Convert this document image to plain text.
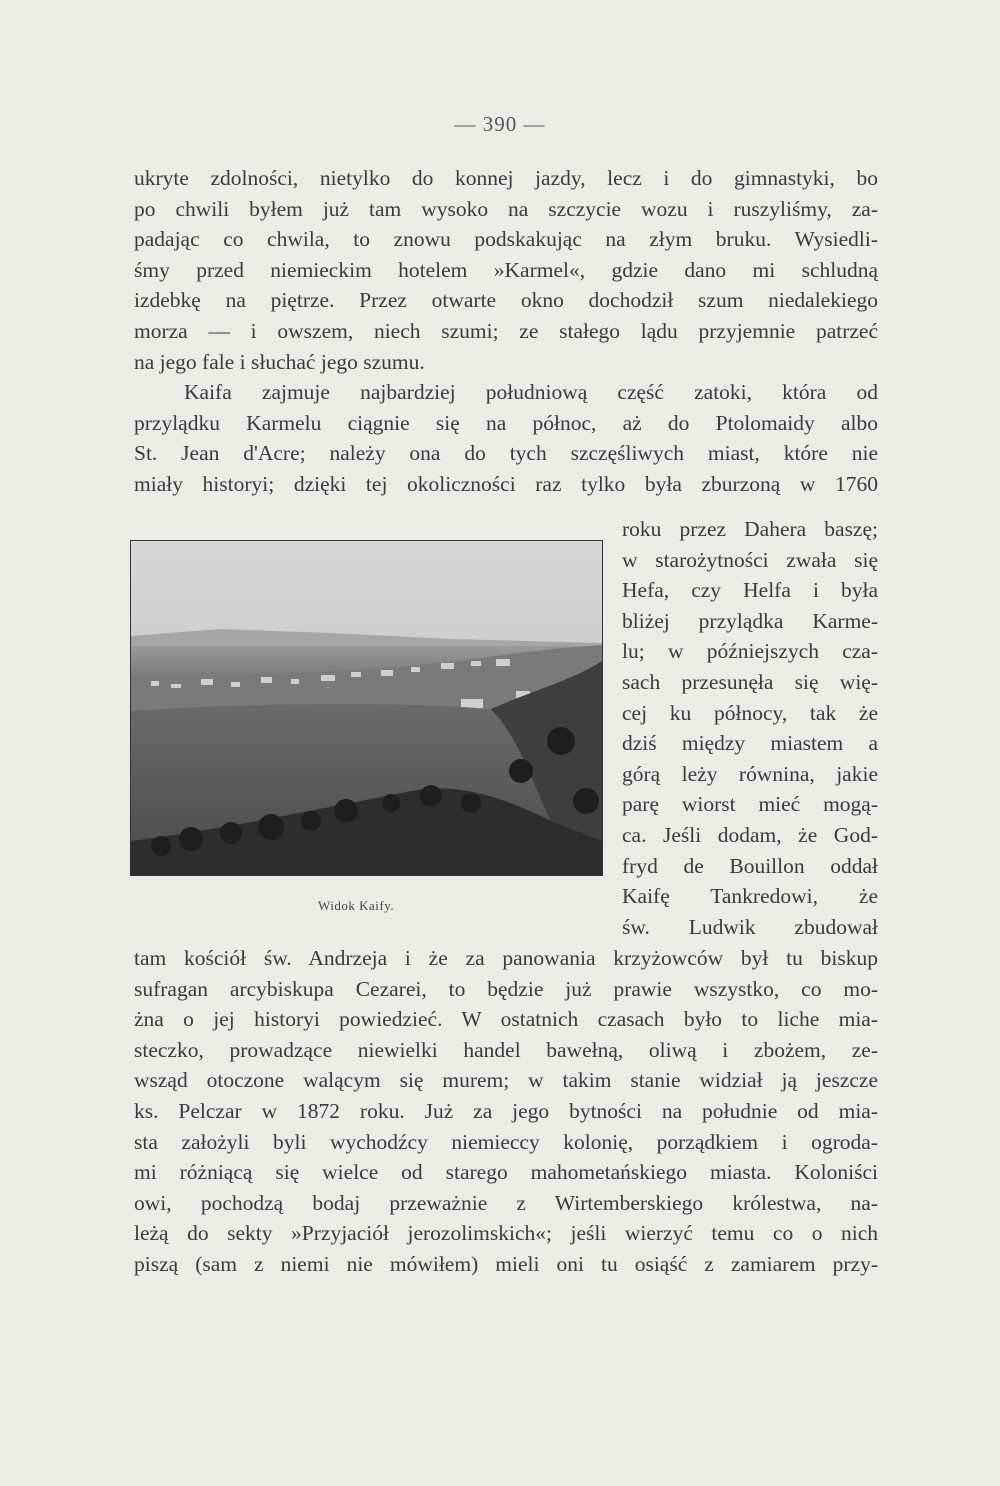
— 390 —
ukryte zdolności, nietylko do konnej jazdy, lecz i do gimnastyki, bo
po chwili byłem już tam wysoko na szczycie wozu i ruszyliśmy, za-
padając co chwila, to znowu podskakując na złym bruku. Wysiedli-
śmy przed niemieckim hotelem »Karmel«, gdzie dano mi schludną
izdebkę na piętrze. Przez otwarte okno dochodził szum niedalekiego
morza — i owszem, niech szumi; ze stałego lądu przyjemnie patrzeć
na jego fale i słuchać jego szumu.
Kaifa zajmuje najbardziej południową część zatoki, która od
przylądku Karmelu ciągnie się na północ, aż do Ptolomaidy albo
St. Jean d'Acre; należy ona do tych szczęśliwych miast, które nie
miały historyi; dzięki tej okoliczności raz tylko była zburzoną w 1760
Widok Kaify.
roku przez Dahera baszę;
w starożytności zwała się
Hefa, czy Helfa i była
bliżej przylądka Karme-
lu; w późniejszych cza-
sach przesunęła się wię-
cej ku północy, tak że
dziś między miastem a
górą leży równina, jakie
parę wiorst mieć mogą-
ca. Jeśli dodam, że God-
fryd de Bouillon oddał
Kaifę Tankredowi, że
św. Ludwik zbudował
tam kościół św. Andrzeja i że za panowania krzyżowców był tu biskup
sufragan arcybiskupa Cezarei, to będzie już prawie wszystko, co mo-
żna o jej historyi powiedzieć. W ostatnich czasach było to liche mia-
steczko, prowadzące niewielki handel bawełną, oliwą i zbożem, ze-
wsząd otoczone walącym się murem; w takim stanie widział ją jeszcze
ks. Pelczar w 1872 roku. Już za jego bytności na południe od mia-
sta założyli byli wychodźcy niemieccy kolonię, porządkiem i ogroda-
mi różniącą się wielce od starego mahometańskiego miasta. Koloniści
owi, pochodzą bodaj przeważnie z Wirtemberskiego królestwa, na-
leżą do sekty »Przyjaciół jerozolimskich«; jeśli wierzyć temu co o nich
piszą (sam z niemi nie mówiłem) mieli oni tu osiąść z zamiarem przy-
